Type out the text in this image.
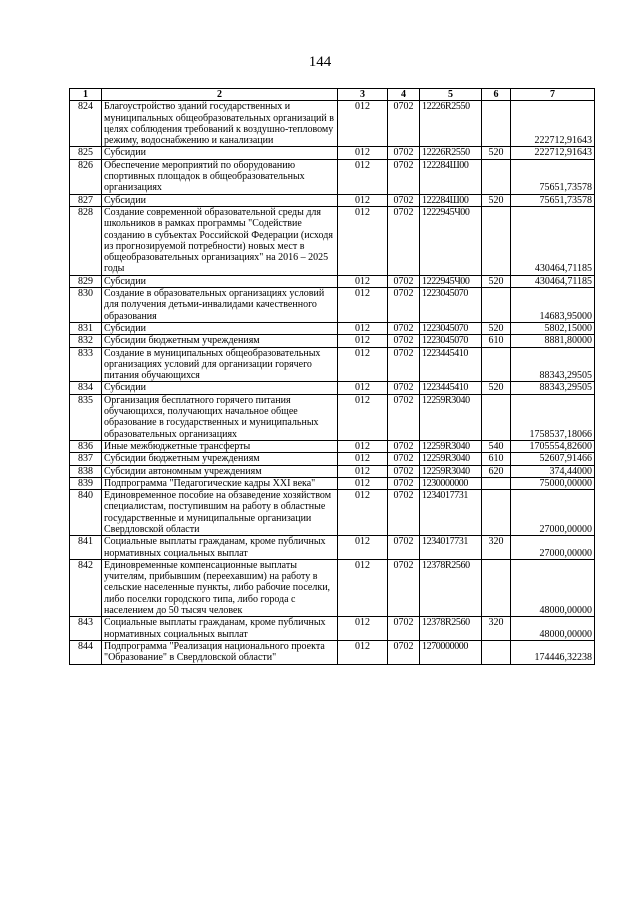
144
1	2	3	4	5	6	7
824	Благоустройство зданий государственных и муниципальных общеобразовательных организаций в целях соблюдения требований к воздушно-тепловому режиму, водоснабжению и канализации	012	0702	12226R2550		222712,91643
825	Субсидии	012	0702	12226R2550	520	222712,91643
826	Обеспечение мероприятий по оборудованию спортивных площадок в общеобразовательных организациях	012	0702	122284Ш00		75651,73578
827	Субсидии	012	0702	122284Ш00	520	75651,73578
828	Создание современной образовательной среды для школьников в рамках программы "Содействие созданию в субъектах Российской Федерации (исходя из прогнозируемой потребности) новых мест в общеобразовательных организациях" на 2016 – 2025 годы	012	0702	1222945Ч00		430464,71185
829	Субсидии	012	0702	1222945Ч00	520	430464,71185
830	Создание в образовательных организациях условий для получения детьми-инвалидами качественного образования	012	0702	1223045070		14683,95000
831	Субсидии	012	0702	1223045070	520	5802,15000
832	Субсидии бюджетным учреждениям	012	0702	1223045070	610	8881,80000
833	Создание в муниципальных общеобразовательных организациях условий для организации горячего питания обучающихся	012	0702	1223445410		88343,29505
834	Субсидии	012	0702	1223445410	520	88343,29505
835	Организация бесплатного горячего питания обучающихся, получающих начальное общее образование в государственных и муниципальных образовательных организациях	012	0702	12259R3040		1758537,18066
836	Иные межбюджетные трансферты	012	0702	12259R3040	540	1705554,82600
837	Субсидии бюджетным учреждениям	012	0702	12259R3040	610	52607,91466
838	Субсидии автономным учреждениям	012	0702	12259R3040	620	374,44000
839	Подпрограмма "Педагогические кадры XXI века"	012	0702	1230000000		75000,00000
840	Единовременное пособие на обзаведение хозяйством специалистам, поступившим на работу в областные государственные и муниципальные организации Свердловской области	012	0702	1234017731		27000,00000
841	Социальные выплаты гражданам, кроме публичных нормативных социальных выплат	012	0702	1234017731	320	27000,00000
842	Единовременные компенсационные выплаты учителям, прибывшим (переехавшим) на работу в сельские населенные пункты, либо рабочие поселки, либо поселки городского типа, либо города с населением до 50 тысяч человек	012	0702	12378R2560		48000,00000
843	Социальные выплаты гражданам, кроме публичных нормативных социальных выплат	012	0702	12378R2560	320	48000,00000
844	Подпрограмма "Реализация национального проекта "Образование" в Свердловской области"	012	0702	1270000000		174446,32238
